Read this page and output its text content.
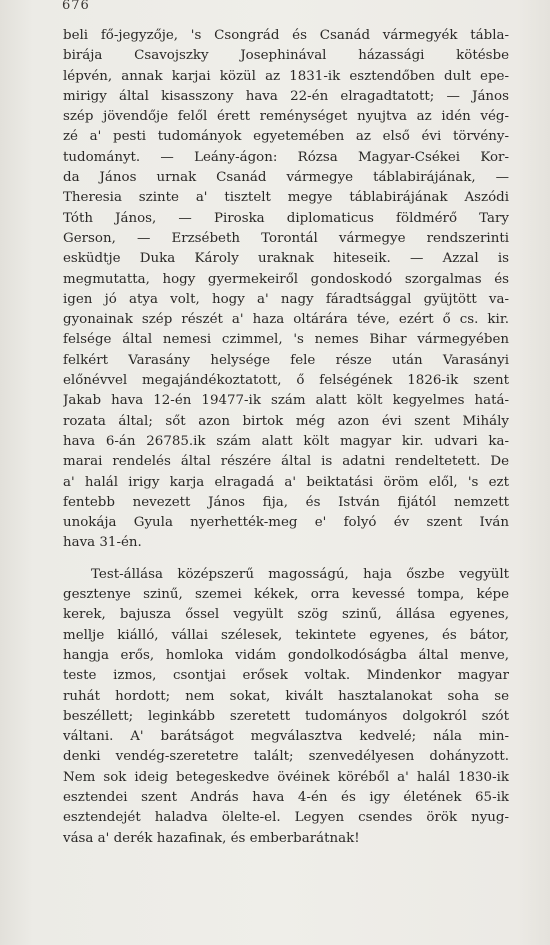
676
beli fő-jegyzője, 's Csongrád és Csanád vármegyék tábla-
birája Csavojszky Josephinával házassági kötésbe
lépvén, annak karjai közül az 1831-ik esztendőben dult epe-
mirigy által kisasszony hava 22-én elragadtatott; — János
szép jövendője felől érett reménységet nyujtva az idén vég-
zé a' pesti tudományok egyetemében az első évi törvény-
tudományt. — Leány-ágon: Rózsa Magyar-Csékei Kor-
da János urnak Csanád vármegye táblabirájának, —
Theresia szinte a' tisztelt megye táblabirájának Aszódi
Tóth János, — Piroska diplomaticus földmérő Tary
Gerson, — Erzsébeth Torontál vármegye rendszerinti
esküdtje Duka Károly uraknak hiteseik. — Azzal is
megmutatta, hogy gyermekeiről gondoskodó szorgalmas és
igen jó atya volt, hogy a' nagy fáradtsággal gyüjtött va-
gyonainak szép részét a' haza oltárára téve, ezért ő cs. kir.
felsége által nemesi czimmel, 's nemes Bihar vármegyében
felkért Varasány helysége fele része után Varasányi
előnévvel megajándékoztatott, ő felségének 1826-ik szent
Jakab hava 12-én 19477-ik szám alatt költ kegyelmes hatá-
rozata által; sőt azon birtok még azon évi szent Mihály
hava 6-án 26785.ik szám alatt költ magyar kir. udvari ka-
marai rendelés által részére által is adatni rendeltetett. De
a' halál irigy karja elragadá a' beiktatási öröm elől, 's ezt
fentebb nevezett János fija, és István fijától nemzett
unokája Gyula nyerhették-meg e' folyó év szent Iván
hava 31-én.
Test-állása középszerű magosságú, haja őszbe vegyült
gesztenye szinű, szemei kékek, orra kevessé tompa, képe
kerek, bajusza őssel vegyült szög szinű, állása egyenes,
mellje kiálló, vállai szélesek, tekintete egyenes, és bátor,
hangja erős, homloka vidám gondolkodóságba által menve,
teste izmos, csontjai erősek voltak. Mindenkor magyar
ruhát hordott; nem sokat, kivált hasztalanokat soha se
beszéllett; leginkább szeretett tudományos dolgokról szót
váltani. A' barátságot megválasztva kedvelé; nála min-
denki vendég-szeretetre talált; szenvedélyesen dohányzott.
Nem sok ideig betegeskedve övéinek köréből a' halál 1830-ik
esztendei szent András hava 4-én és igy életének 65-ik
esztendejét haladva ölelte-el. Legyen csendes örök nyug-
vása a' derék hazafinak, és emberbarátnak!
